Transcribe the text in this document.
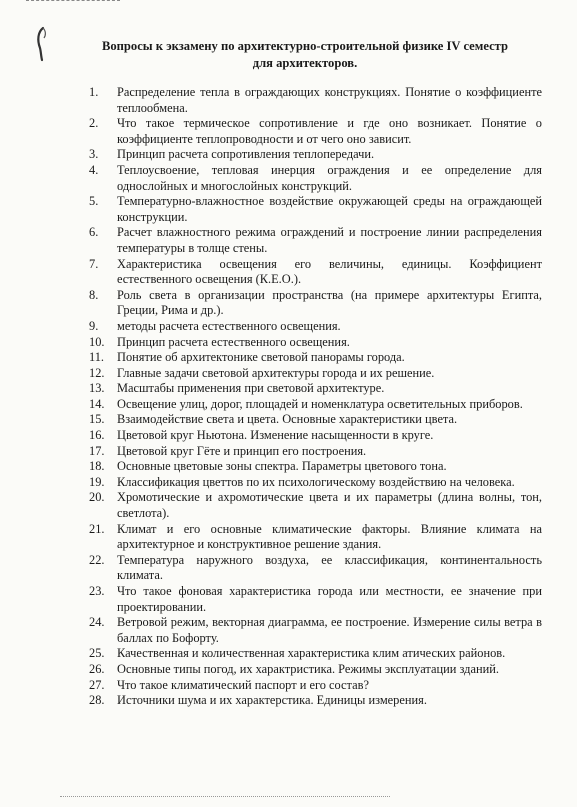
Вопросы к экзамену по архитектурно-строительной физике IV семестр
для архитекторов.
1. Распределение тепла в ограждающих конструкциях. Понятие о коэффициенте теплообмена.
2. Что такое термическое сопротивление и где оно возникает. Понятие о коэффициенте теплопроводности и от чего оно зависит.
3. Принцип расчета сопротивления теплопередачи.
4. Теплоусвоение, тепловая инерция ограждения и ее определение для однослойных и многослойных конструкций.
5. Температурно-влажностное воздействие окружающей среды на ограждающей конструкции.
6. Расчет влажностного режима ограждений и построение линии распределения температуры в толще стены.
7. Характеристика освещения его величины, единицы. Коэффициент естественного освещения (К.Е.О.).
8. Роль света в организации пространства (на примере архитектуры Египта, Греции, Рима и др.).
9. методы расчета естественного освещения.
10. Принцип расчета естественного освещения.
11. Понятие об архитектонике световой панорамы города.
12. Главные задачи световой архитектуры города и их решение.
13. Масштабы применения при световой архитектуре.
14. Освещение улиц, дорог, площадей и номенклатура осветительных приборов.
15. Взаимодействие света и цвета. Основные характеристики цвета.
16. Цветовой круг Ньютона. Изменение насыщенности в круге.
17. Цветовой круг Гёте и принцип его построения.
18. Основные цветовые зоны спектра. Параметры цветового тона.
19. Классификация цветтов по их психологическому воздействию на человека.
20. Хромотические и ахромотические цвета и их параметры (длина волны, тон, светлота).
21. Климат и его основные климатические факторы. Влияние климата на архитектурное и конструктивное решение здания.
22. Температура наружного воздуха, ее классификация, континентальность климата.
23. Что такое фоновая характеристика города или местности, ее значение при проектировании.
24. Ветровой режим, векторная диаграмма, ее построение. Измерение силы ветра в баллах по Бофорту.
25. Качественная и количественная характеристика клим атических районов.
26. Основные типы погод, их характристика. Режимы эксплуатации зданий.
27. Что такое климатический паспорт и его состав?
28. Источники шума и их характерстика. Единицы измерения.
